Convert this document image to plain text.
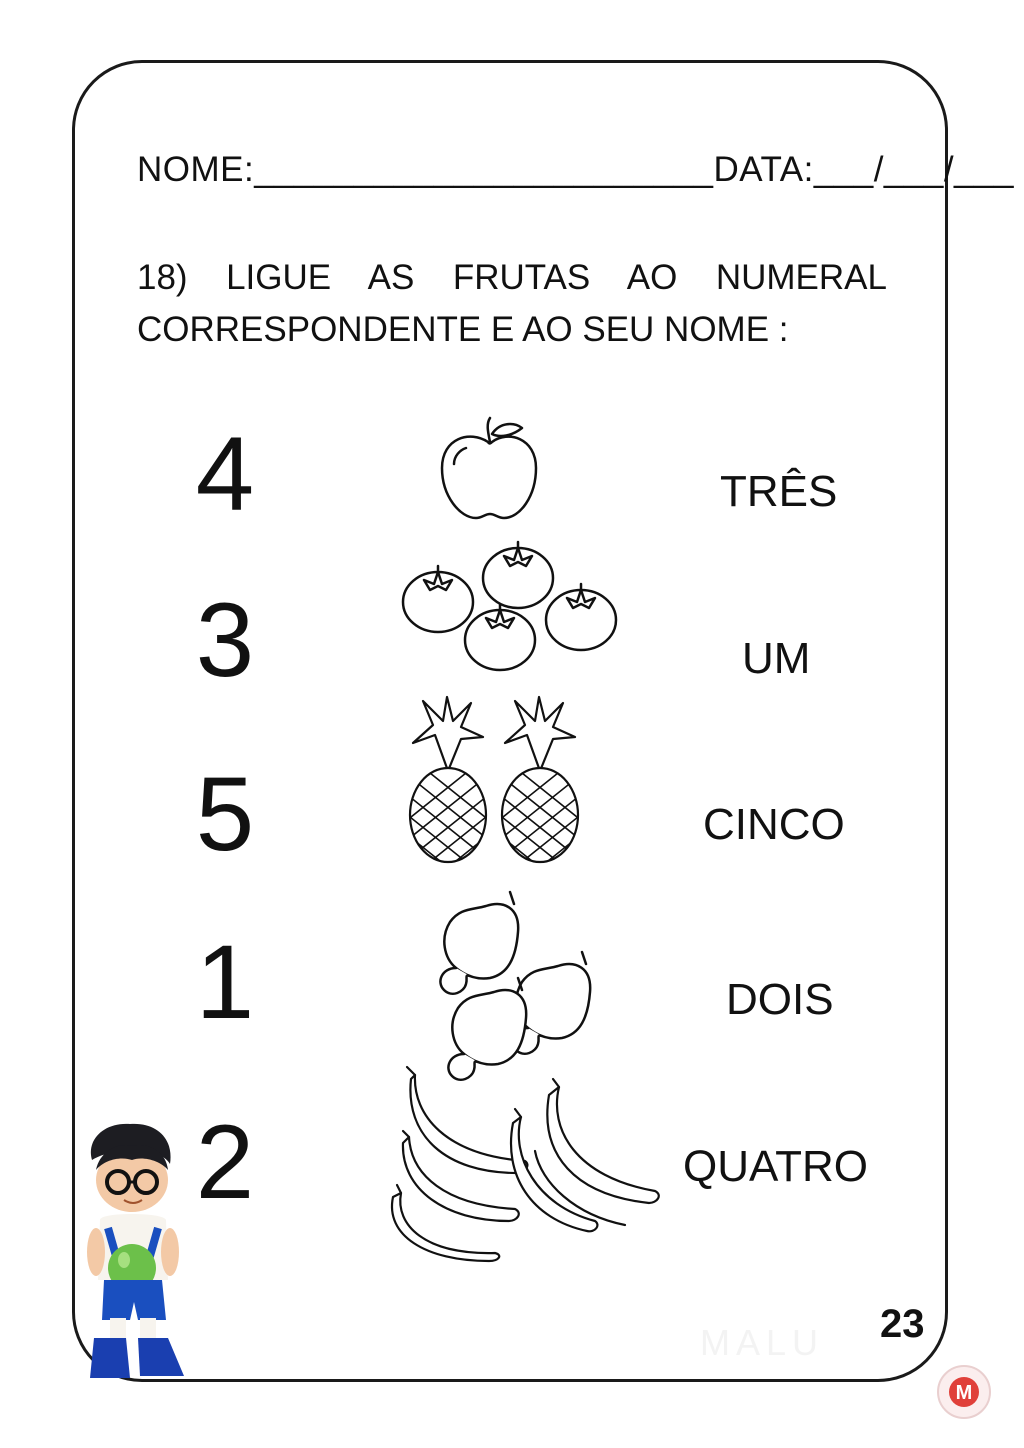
NOME:_______________________DATA:___/___/___
18) LIGUE AS FRUTAS AO NUMERAL CORRESPONDENTE E AO SEU NOME :
4
3
5
1
2
TRÊS
UM
CINCO
DOIS
QUATRO
MALU 23
M
